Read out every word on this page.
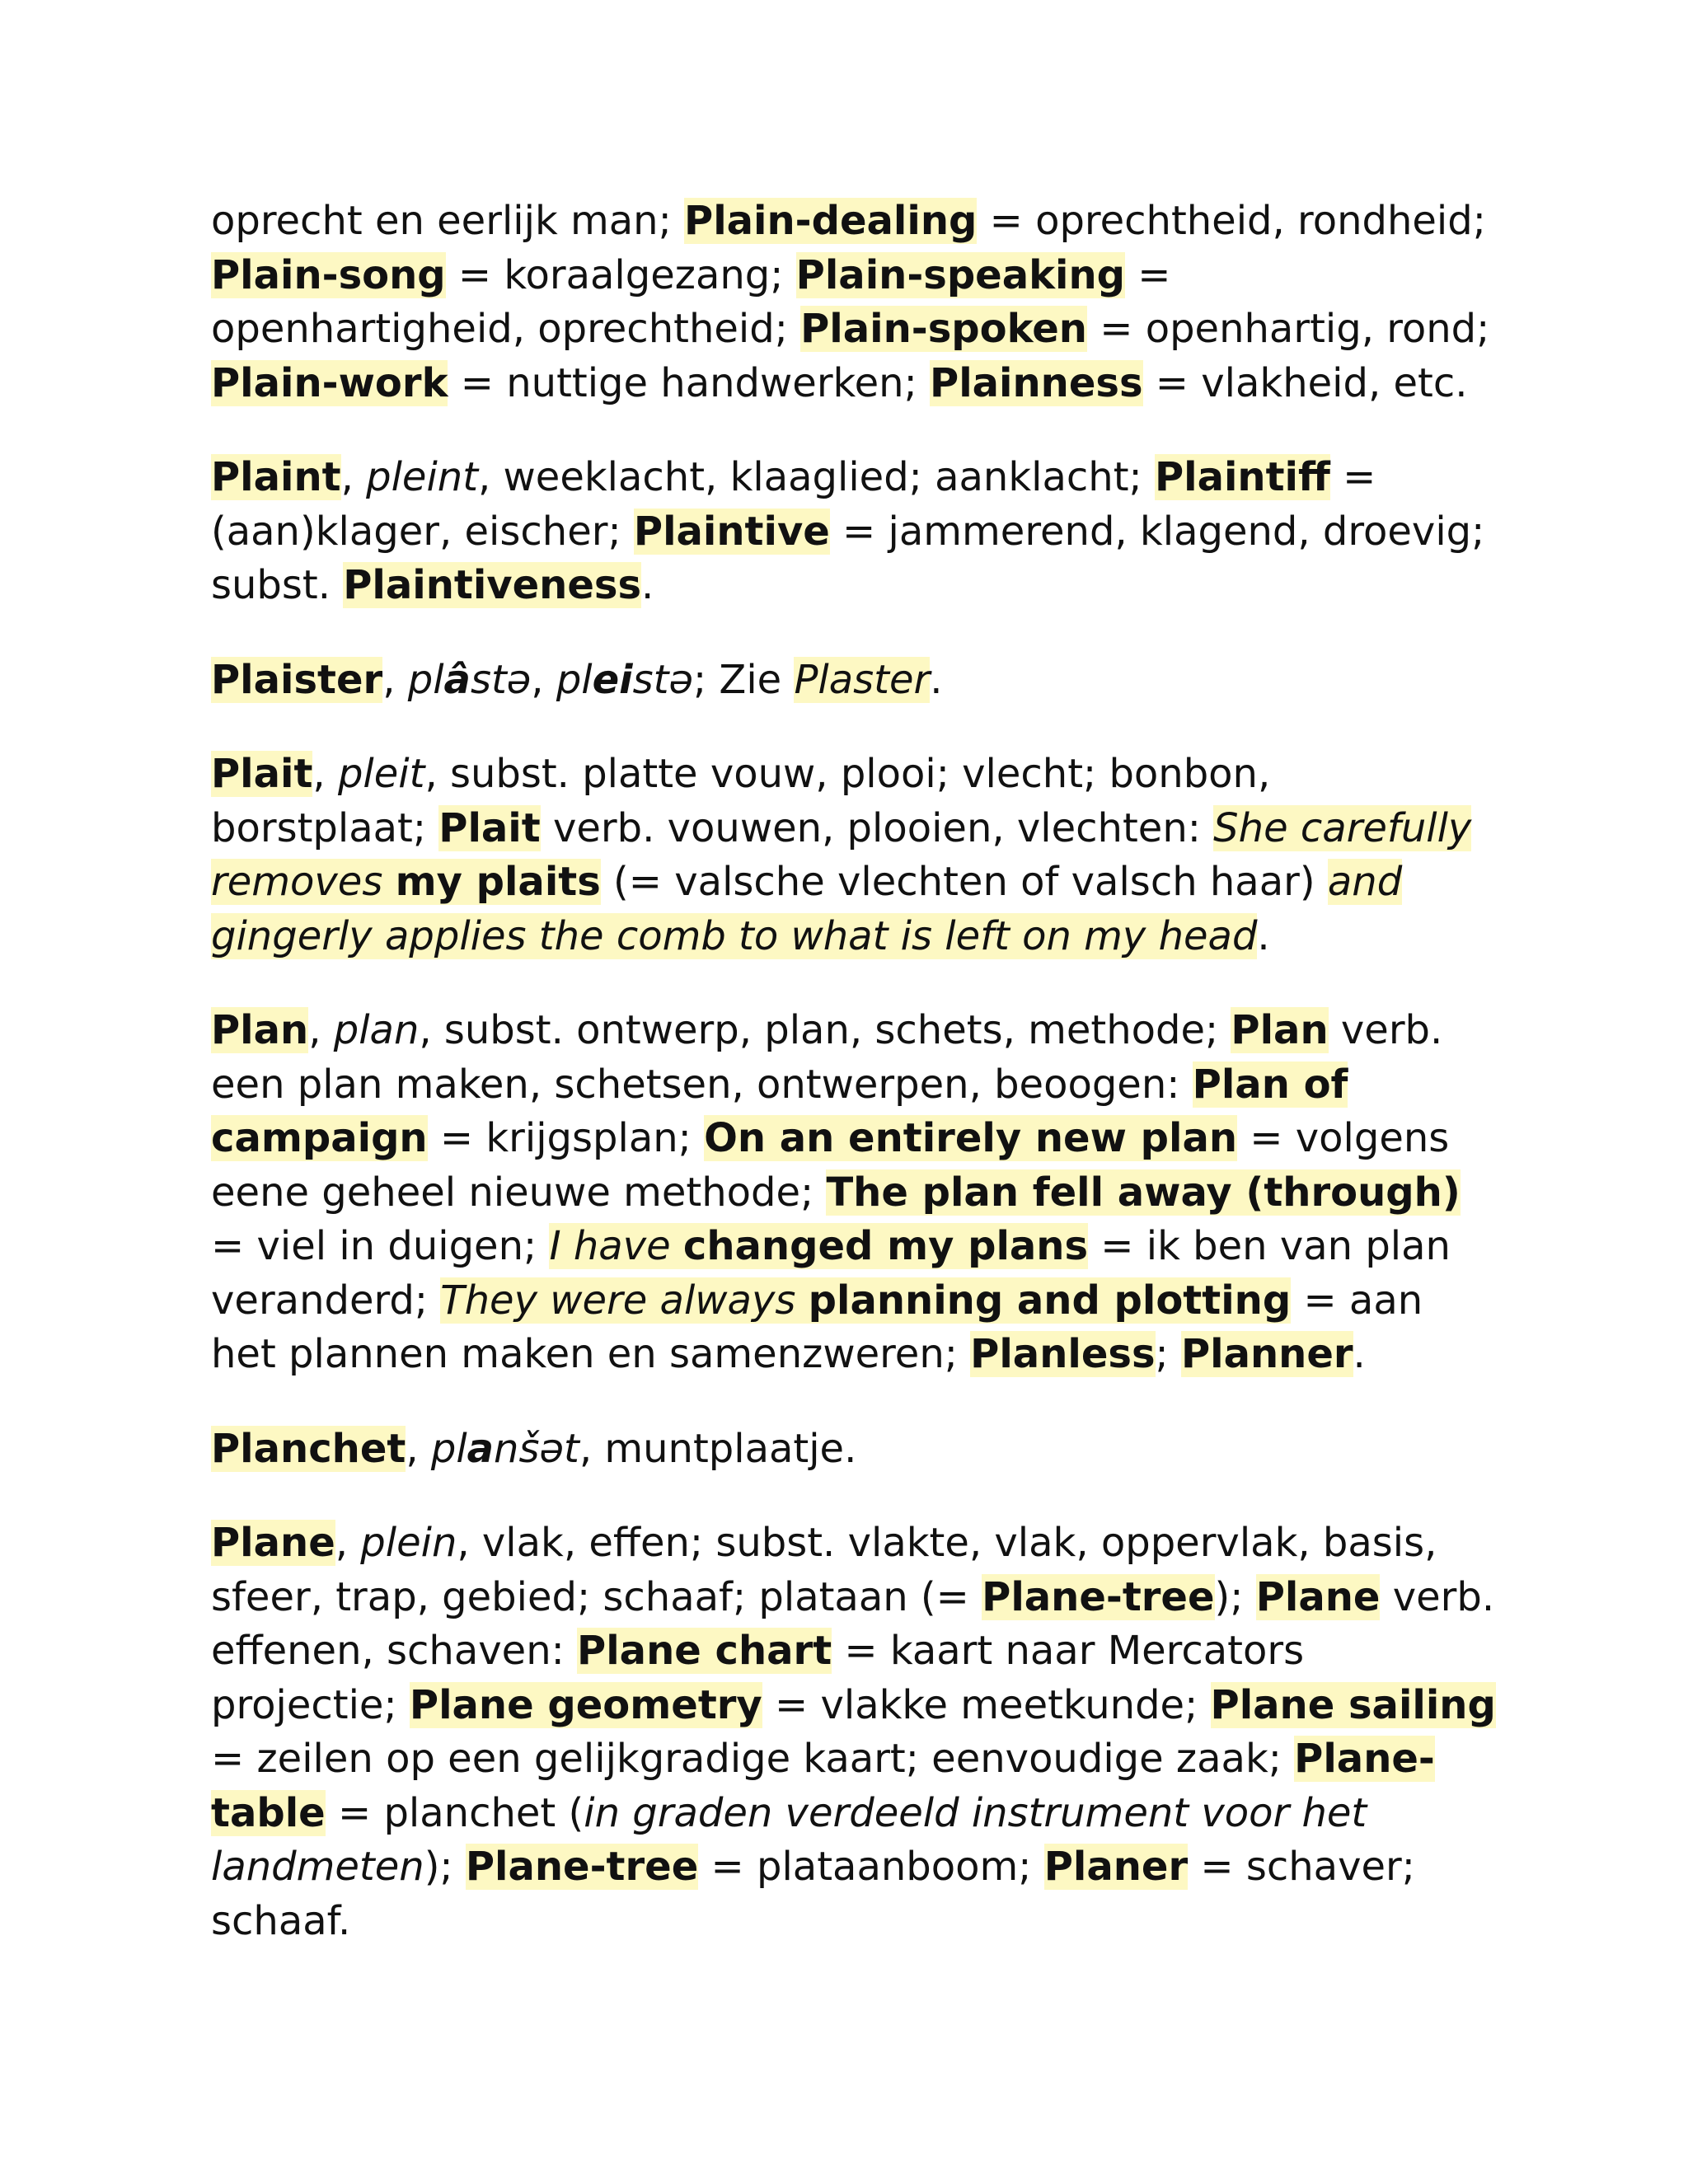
oprecht en eerlijk man; Plain-dealing = oprechtheid, rondheid; Plain-song = koraalgezang; Plain-speaking = openhartigheid, oprechtheid; Plain-spoken = openhartig, rond; Plain-work = nuttige handwerken; Plainness = vlakheid, etc.

Plaint, pleint, weeklacht, klaaglied; aanklacht; Plaintiff = (aan)klager, eischer; Plaintive = jammerend, klagend, droevig; subst. Plaintiveness.

Plaister, plâstə, pleistə; Zie Plaster.

Plait, pleit, subst. platte vouw, plooi; vlecht; bonbon, borstplaat; Plait verb. vouwen, plooien, vlechten: She carefully removes my plaits (= valsche vlechten of valsch haar) and gingerly applies the comb to what is left on my head.

Plan, plan, subst. ontwerp, plan, schets, methode; Plan verb. een plan maken, schetsen, ontwerpen, beoogen: Plan of campaign = krijgsplan; On an entirely new plan = volgens eene geheel nieuwe methode; The plan fell away (through) = viel in duigen; I have changed my plans = ik ben van plan veranderd; They were always planning and plotting = aan het plannen maken en samenzweren; Planless; Planner.

Planchet, planšət, muntplaatje.

Plane, plein, vlak, effen; subst. vlakte, vlak, oppervlak, basis, sfeer, trap, gebied; schaaf; plataan (= Plane-tree); Plane verb. effenen, schaven: Plane chart = kaart naar Mercators projectie; Plane geometry = vlakke meetkunde; Plane sailing = zeilen op een gelijkgradige kaart; eenvoudige zaak; Plane-table = planchet (in graden verdeeld instrument voor het landmeten); Plane-tree = plataanboom; Planer = schaver; schaaf.
